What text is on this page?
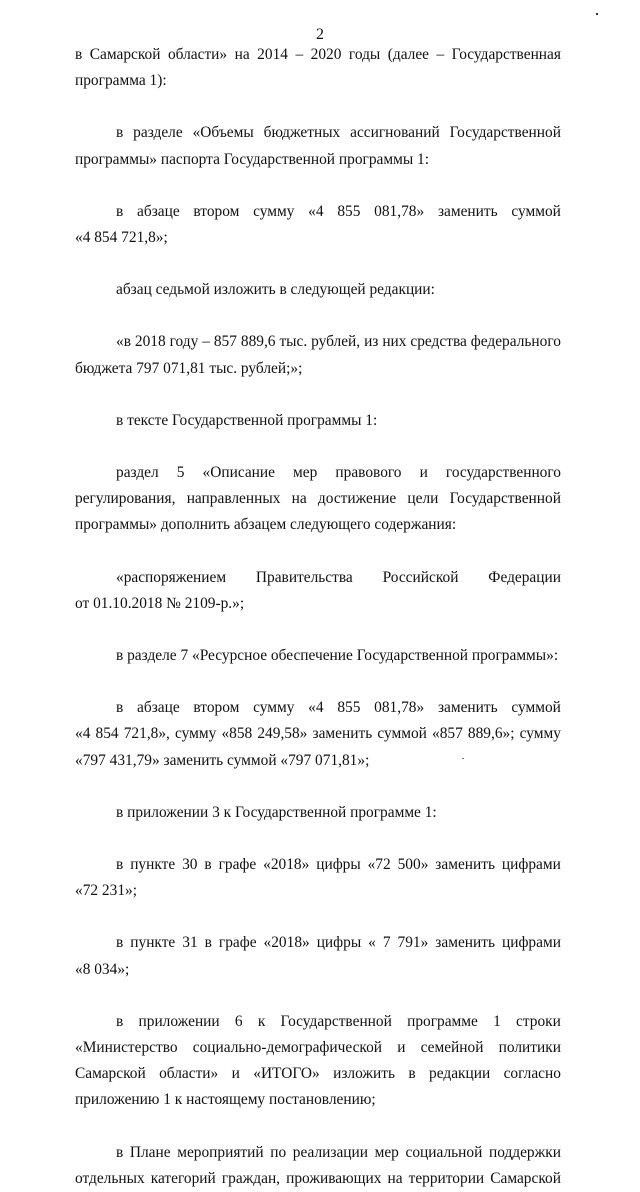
2
в Самарской области» на 2014 – 2020 годы (далее – Государственная
программа 1):
в разделе «Объемы бюджетных ассигнований Государственной
программы» паспорта Государственной программы 1:
в абзаце втором сумму «4 855 081,78» заменить суммой
«4 854 721,8»;
абзац седьмой изложить в следующей редакции:
«в 2018 году – 857 889,6 тыс. рублей, из них средства федерального
бюджета 797 071,81 тыс. рублей;»;
в тексте Государственной программы 1:
раздел 5 «Описание мер правового и государственного
регулирования, направленных на достижение цели Государственной
программы» дополнить абзацем следующего содержания:
«распоряжением Правительства Российской Федерации
от 01.10.2018 № 2109-р.»;
в разделе 7 «Ресурсное обеспечение Государственной программы»:
в абзаце втором сумму «4 855 081,78» заменить суммой
«4 854 721,8», сумму «858 249,58» заменить суммой «857 889,6»; сумму
«797 431,79» заменить суммой «797 071,81»;
в приложении 3 к Государственной программе 1:
в пункте 30 в графе «2018» цифры «72 500» заменить цифрами
«72 231»;
в пункте 31 в графе «2018» цифры « 7 791» заменить цифрами
«8 034»;
в приложении 6 к Государственной программе 1 строки
«Министерство социально-демографической и семейной политики
Самарской области» и «ИТОГО» изложить в редакции согласно
приложению 1 к настоящему постановлению;
в Плане мероприятий по реализации мер социальной поддержки
отдельных категорий граждан, проживающих на территории Самарской
